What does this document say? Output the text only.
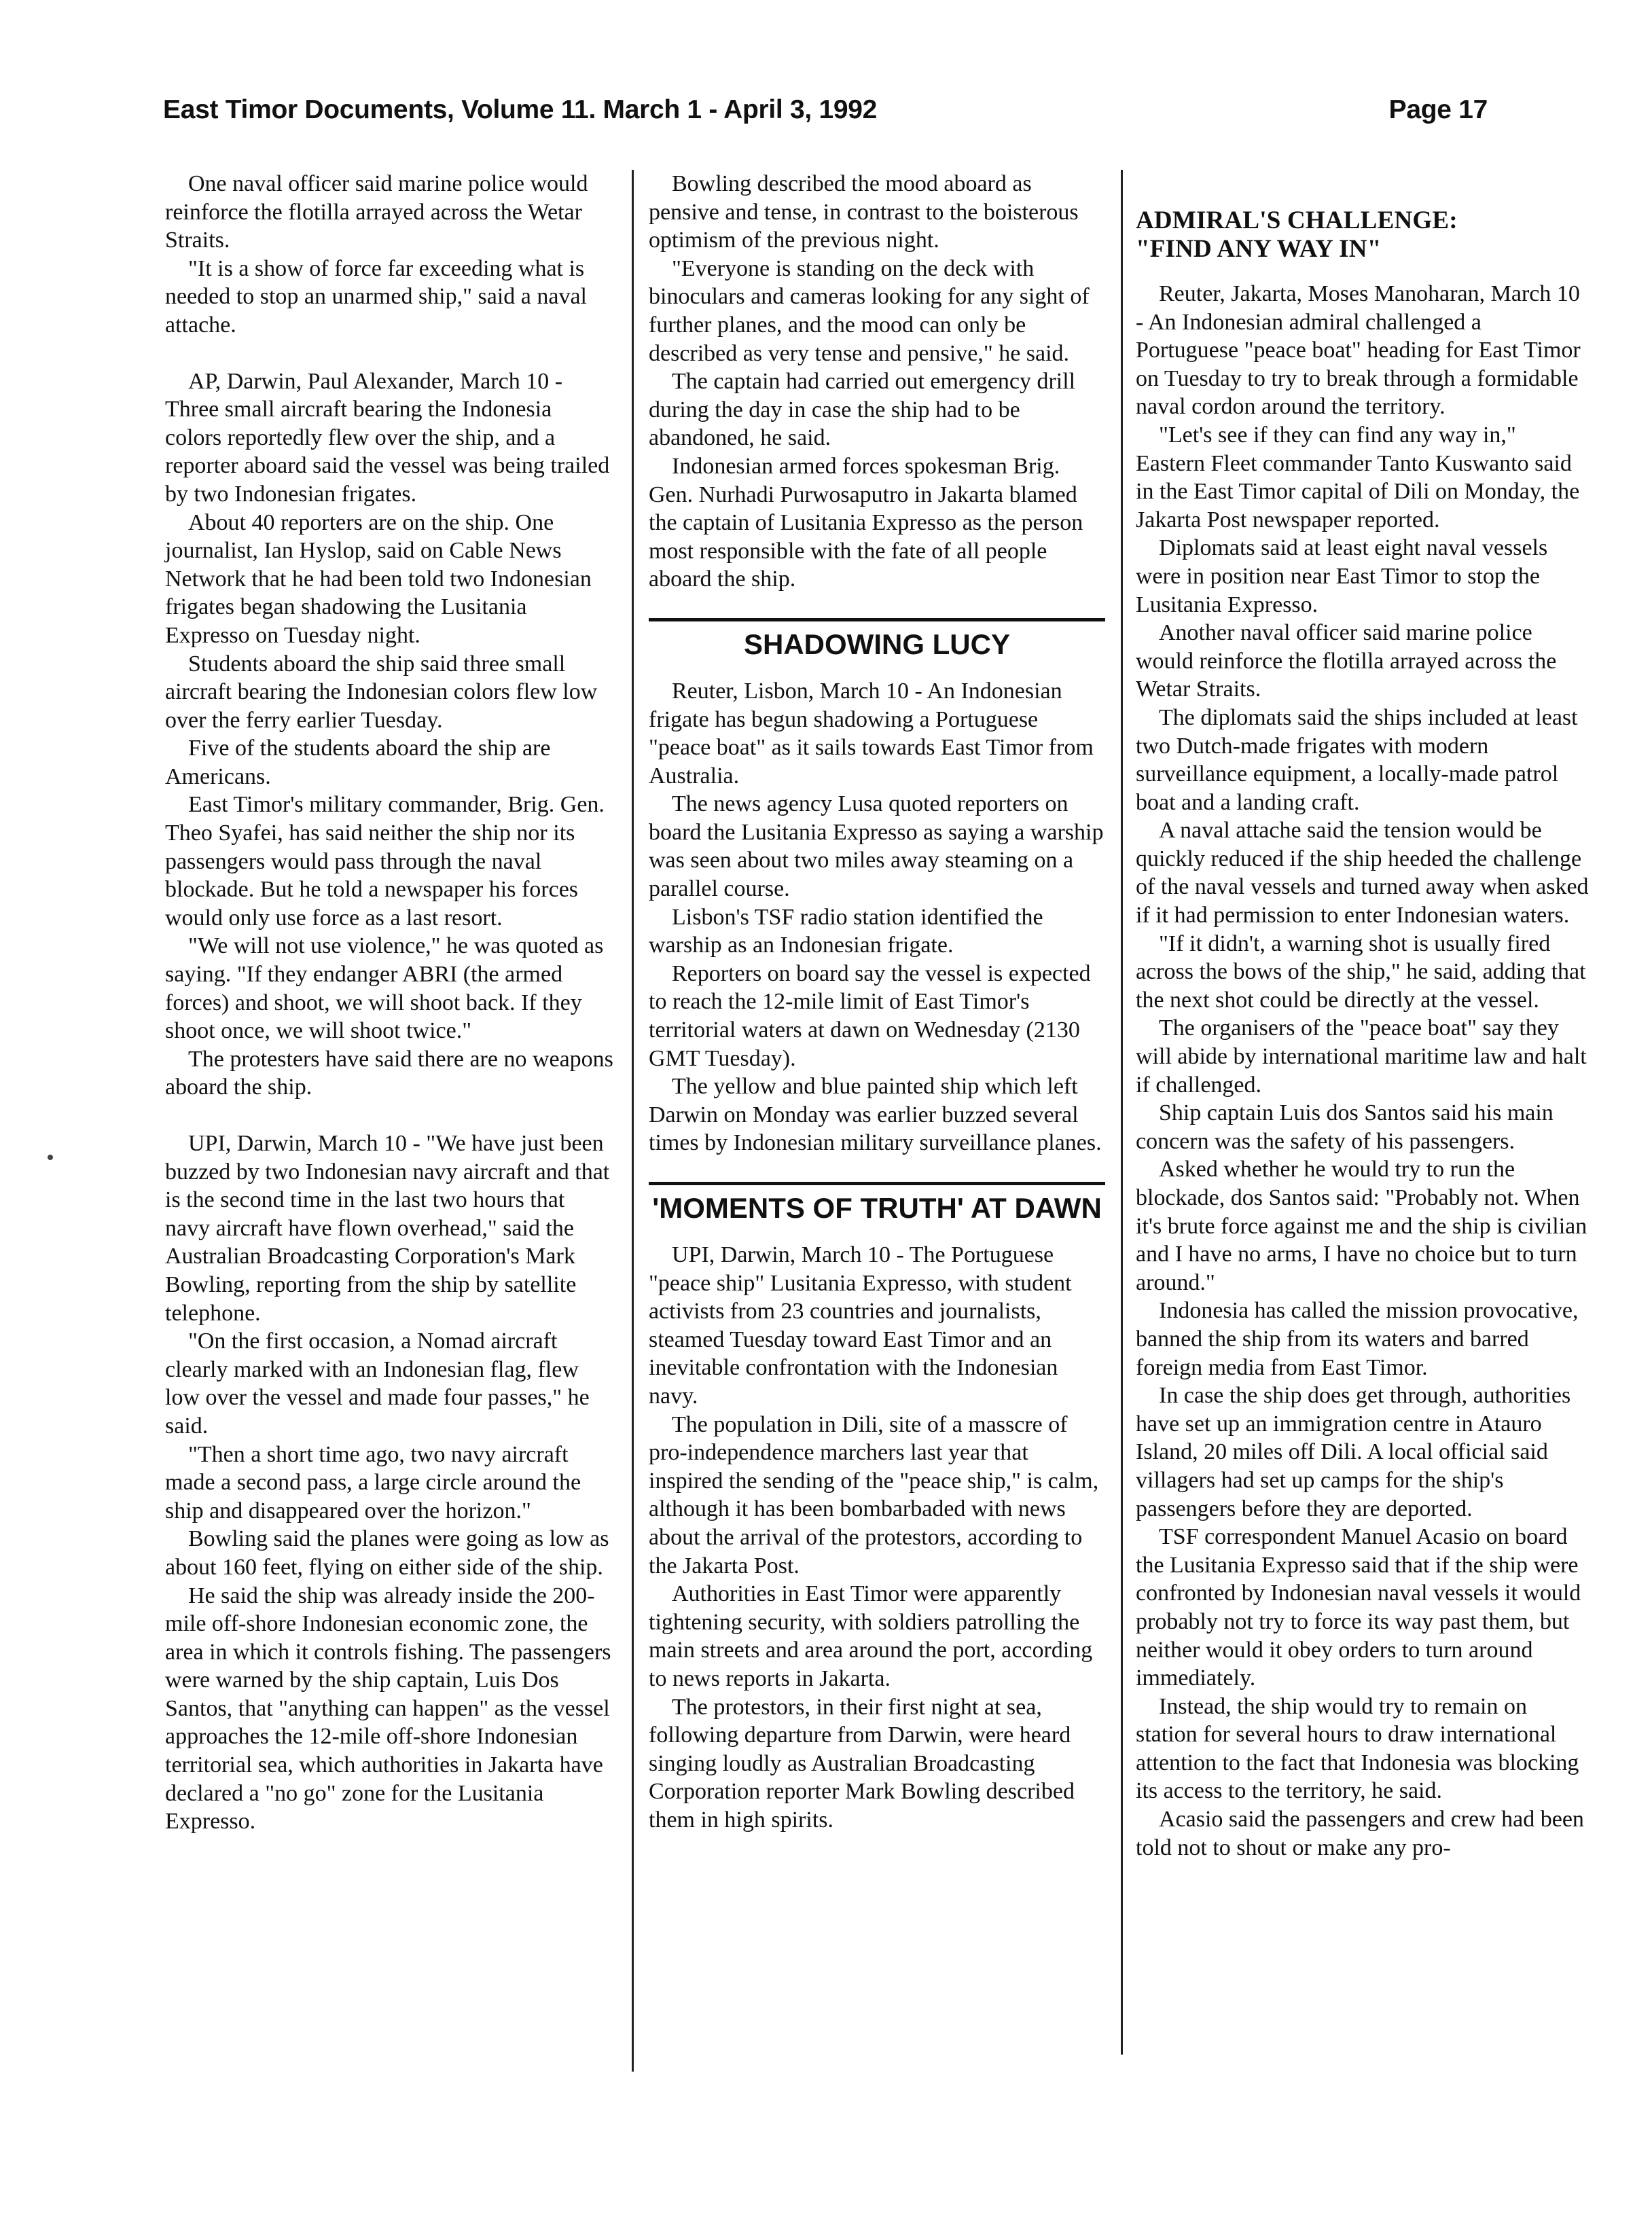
East Timor Documents, Volume 11. March 1 - April 3, 1992	Page 17

One naval officer said marine police would reinforce the flotilla arrayed across the Wetar Straits.

"It is a show of force far exceeding what is needed to stop an unarmed ship," said a naval attache.

AP, Darwin, Paul Alexander, March 10 - Three small aircraft bearing the Indonesia colors reportedly flew over the ship, and a reporter aboard said the vessel was being trailed by two Indonesian frigates.

About 40 reporters are on the ship. One journalist, Ian Hyslop, said on Cable News Network that he had been told two Indonesian frigates began shadowing the Lusitania Expresso on Tuesday night.

Students aboard the ship said three small aircraft bearing the Indonesian colors flew low over the ferry earlier Tuesday.

Five of the students aboard the ship are Americans.

East Timor's military commander, Brig. Gen. Theo Syafei, has said neither the ship nor its passengers would pass through the naval blockade. But he told a newspaper his forces would only use force as a last resort.

"We will not use violence," he was quoted as saying. "If they endanger ABRI (the armed forces) and shoot, we will shoot back. If they shoot once, we will shoot twice."

The protesters have said there are no weapons aboard the ship.

UPI, Darwin, March 10 - "We have just been buzzed by two Indonesian navy aircraft and that is the second time in the last two hours that navy aircraft have flown overhead," said the Australian Broadcasting Corporation's Mark Bowling, reporting from the ship by satellite telephone.

"On the first occasion, a Nomad aircraft clearly marked with an Indonesian flag, flew low over the vessel and made four passes," he said.

"Then a short time ago, two navy aircraft made a second pass, a large circle around the ship and disappeared over the horizon."

Bowling said the planes were going as low as about 160 feet, flying on either side of the ship.

He said the ship was already inside the 200-mile off-shore Indonesian economic zone, the area in which it controls fishing. The passengers were warned by the ship captain, Luis Dos Santos, that "anything can happen" as the vessel approaches the 12-mile off-shore Indonesian territorial sea, which authorities in Jakarta have declared a "no go" zone for the Lusitania Expresso.

Bowling described the mood aboard as pensive and tense, in contrast to the boisterous optimism of the previous night.

"Everyone is standing on the deck with binoculars and cameras looking for any sight of further planes, and the mood can only be described as very tense and pensive," he said.

The captain had carried out emergency drill during the day in case the ship had to be abandoned, he said.

Indonesian armed forces spokesman Brig. Gen. Nurhadi Purwosaputro in Jakarta blamed the captain of Lusitania Expresso as the person most responsible with the fate of all people aboard the ship.

SHADOWING LUCY

Reuter, Lisbon, March 10 - An Indonesian frigate has begun shadowing a Portuguese "peace boat" as it sails towards East Timor from Australia.

The news agency Lusa quoted reporters on board the Lusitania Expresso as saying a warship was seen about two miles away steaming on a parallel course.

Lisbon's TSF radio station identified the warship as an Indonesian frigate.

Reporters on board say the vessel is expected to reach the 12-mile limit of East Timor's territorial waters at dawn on Wednesday (2130 GMT Tuesday).

The yellow and blue painted ship which left Darwin on Monday was earlier buzzed several times by Indonesian military surveillance planes.

'MOMENTS OF TRUTH' AT DAWN

UPI, Darwin, March 10 - The Portuguese "peace ship" Lusitania Expresso, with student activists from 23 countries and journalists, steamed Tuesday toward East Timor and an inevitable confrontation with the Indonesian navy.

The population in Dili, site of a masscre of pro-independence marchers last year that inspired the sending of the "peace ship," is calm, although it has been bombarbaded with news about the arrival of the protestors, according to the Jakarta Post.

Authorities in East Timor were apparently tightening security, with soldiers patrolling the main streets and area around the port, according to news reports in Jakarta.

The protestors, in their first night at sea, following departure from Darwin, were heard singing loudly as Australian Broadcasting Corporation reporter Mark Bowling described them in high spirits.

ADMIRAL'S CHALLENGE:
"FIND ANY WAY IN"

Reuter, Jakarta, Moses Manoharan, March 10 - An Indonesian admiral challenged a Portuguese "peace boat" heading for East Timor on Tuesday to try to break through a formidable naval cordon around the territory.

"Let's see if they can find any way in," Eastern Fleet commander Tanto Kuswanto said in the East Timor capital of Dili on Monday, the Jakarta Post newspaper reported.

Diplomats said at least eight naval vessels were in position near East Timor to stop the Lusitania Expresso.

Another naval officer said marine police would reinforce the flotilla arrayed across the Wetar Straits.

The diplomats said the ships included at least two Dutch-made frigates with modern surveillance equipment, a locally-made patrol boat and a landing craft.

A naval attache said the tension would be quickly reduced if the ship heeded the challenge of the naval vessels and turned away when asked if it had permission to enter Indonesian waters.

"If it didn't, a warning shot is usually fired across the bows of the ship," he said, adding that the next shot could be directly at the vessel.

The organisers of the "peace boat" say they will abide by international maritime law and halt if challenged.

Ship captain Luis dos Santos said his main concern was the safety of his passengers.

Asked whether he would try to run the blockade, dos Santos said: "Probably not. When it's brute force against me and the ship is civilian and I have no arms, I have no choice but to turn around."

Indonesia has called the mission provocative, banned the ship from its waters and barred foreign media from East Timor.

In case the ship does get through, authorities have set up an immigration centre in Atauro Island, 20 miles off Dili. A local official said villagers had set up camps for the ship's passengers before they are deported.

TSF correspondent Manuel Acasio on board the Lusitania Expresso said that if the ship were confronted by Indonesian naval vessels it would probably not try to force its way past them, but neither would it obey orders to turn around immediately.

Instead, the ship would try to remain on station for several hours to draw international attention to the fact that Indonesia was blocking its access to the territory, he said.

Acasio said the passengers and crew had been told not to shout or make any pro-
